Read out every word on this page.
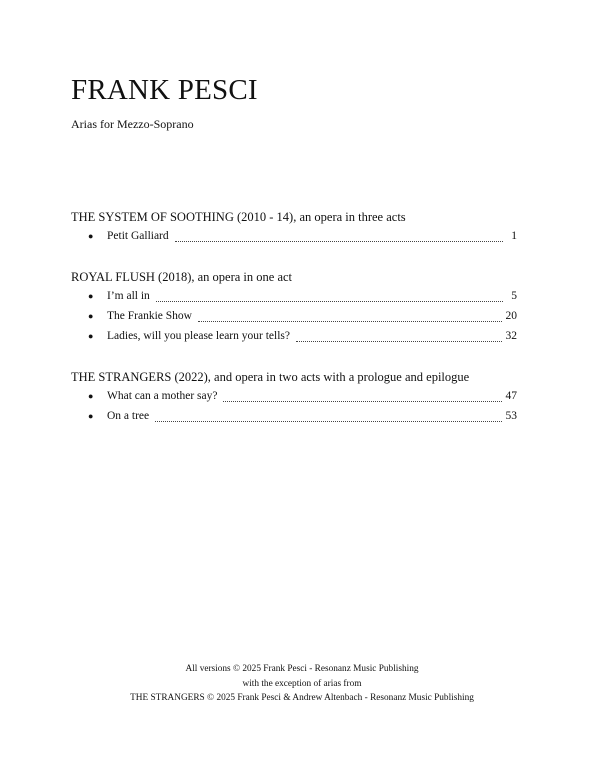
FRANK PESCI
Arias for Mezzo-Soprano

THE SYSTEM OF SOOTHING (2010 - 14), an opera in three acts

● Petit Galliard	1

ROYAL FLUSH (2018), an opera in one act

● I’m all in	5
● The Frankie Show	20
● Ladies, will you please learn your tells?	32

THE STRANGERS (2022), and opera in two acts with a prologue and epilogue

● What can a mother say?	47
● On a tree	53
All versions © 2025 Frank Pesci - Resonanz Music Publishing
with the exception of arias from
THE STRANGERS © 2025 Frank Pesci & Andrew Altenbach - Resonanz Music Publishing
